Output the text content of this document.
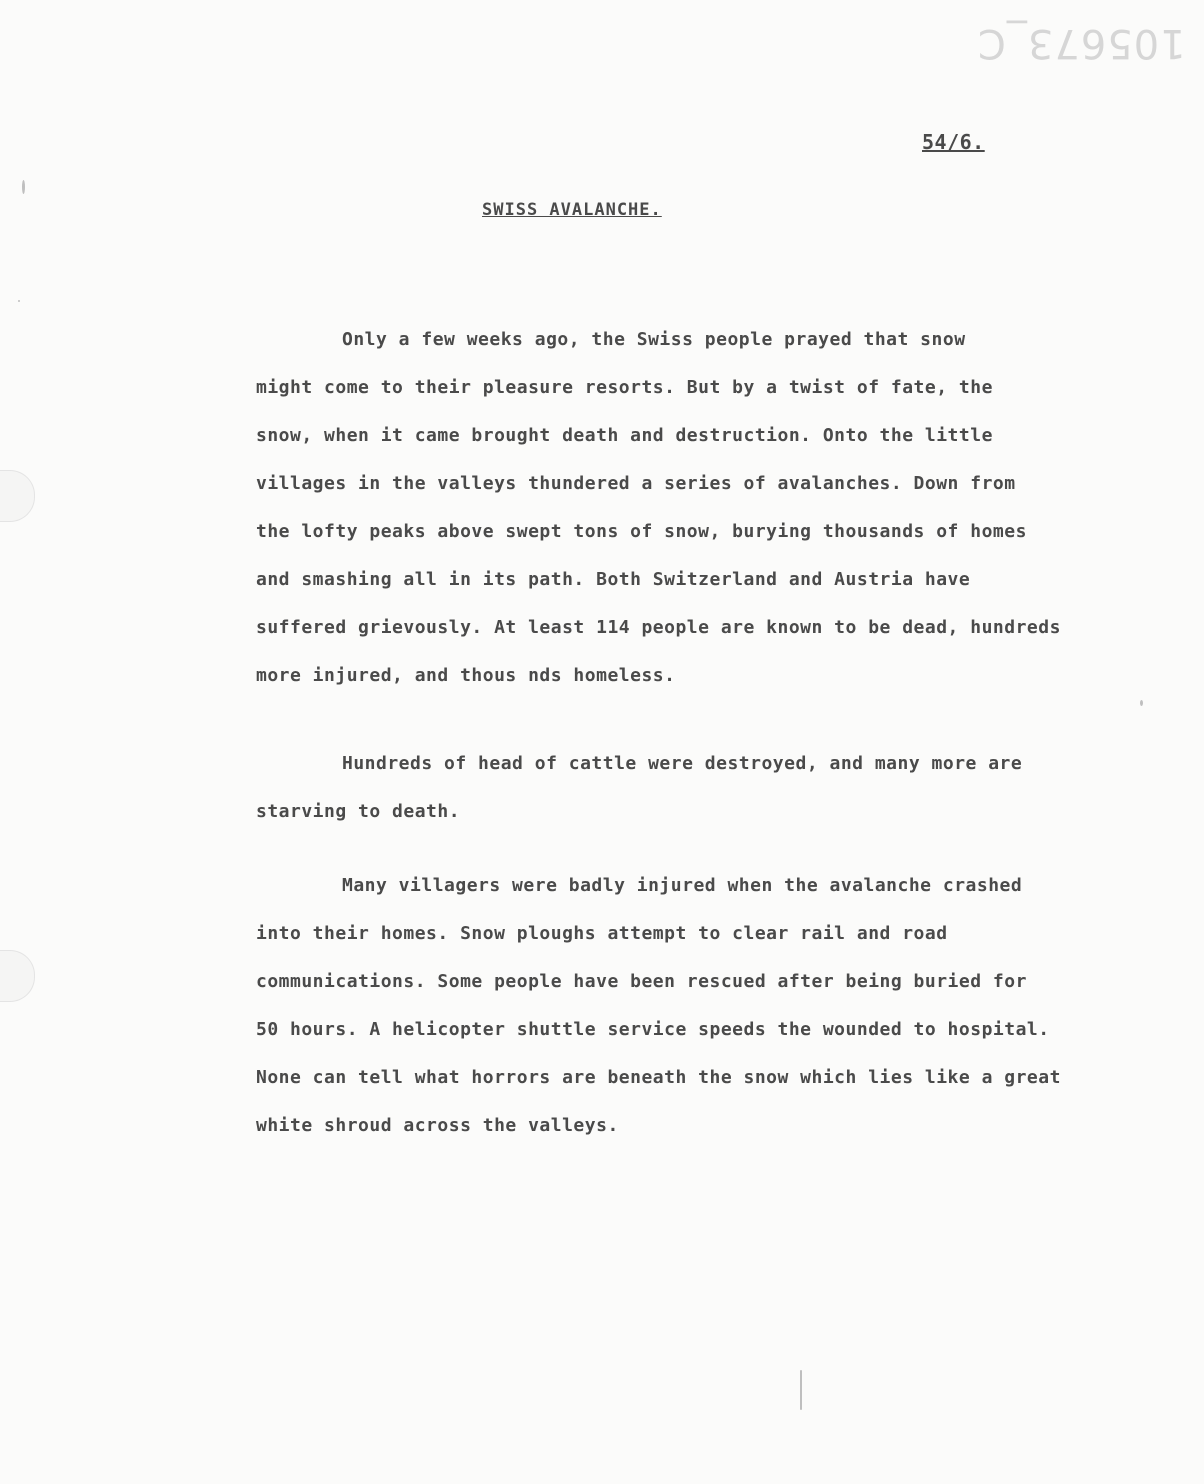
105673_C
54/6.
SWISS AVALANCHE.

Only a few weeks ago, the Swiss people prayed that snow
might come to their pleasure resorts. But by a twist of fate, the
snow, when it came brought death and destruction. Onto the little
villages in the valleys thundered a series of avalanches. Down from
the lofty peaks above swept tons of snow, burying thousands of homes
and smashing all in its path. Both Switzerland and Austria have
suffered grievously. At least 114 people are known to be dead, hundreds
more injured, and thous nds homeless.

Hundreds of head of cattle were destroyed, and many more are
starving to death.

Many villagers were badly injured when the avalanche crashed
into their homes. Snow ploughs attempt to clear rail and road
communications. Some people have been rescued after being buried for
50 hours. A helicopter shuttle service speeds the wounded to hospital.
None can tell what horrors are beneath the snow which lies like a great
white shroud across the valleys.
